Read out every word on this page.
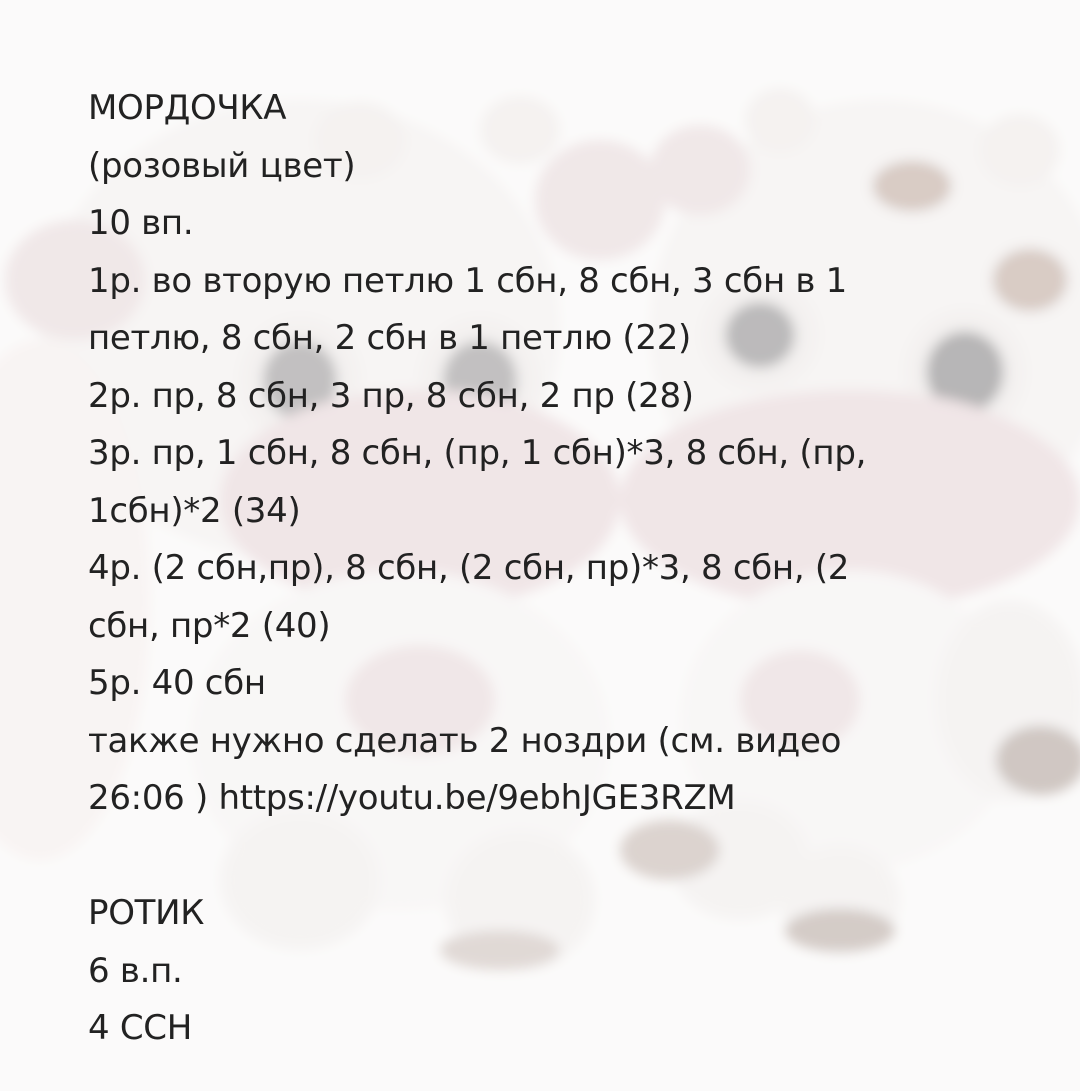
МОРДОЧКА
(розовый цвет)
10 вп.
1р. во вторую петлю 1 сбн, 8 сбн, 3 сбн в 1
петлю, 8 сбн, 2 сбн в 1 петлю (22)
2р. пр, 8 сбн, 3 пр, 8 сбн, 2 пр (28)
3р. пр, 1 сбн, 8 сбн, (пр, 1 сбн)*3, 8 сбн, (пр,
1сбн)*2 (34)
4р. (2 сбн,пр), 8 сбн, (2 сбн, пр)*3, 8 сбн, (2
сбн, пр*2 (40)
5р. 40 сбн
также нужно сделать 2 ноздри (см. видео
26:06 ) https://youtu.be/9ebhJGE3RZM
РОТИК
6 в.п.
4 ССН
